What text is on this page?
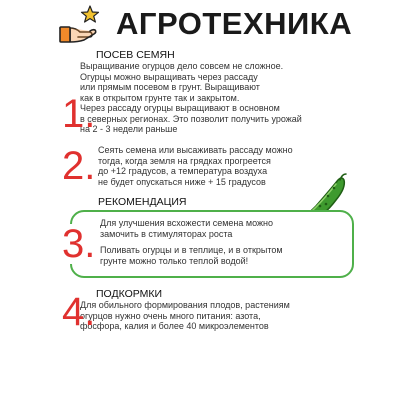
АГРОТЕХНИКА
ПОСЕВ СЕМЯН
Выращивание огурцов дело совсем не сложное.
Огурцы можно выращивать через рассаду
или прямым посевом в грунт. Выращивают
как в открытом грунте так и закрытом.
Через рассаду огурцы выращивают в основном
в северных регионах. Это позволит получить урожай
на 2 - 3 недели раньше
1.
Сеять семена или высаживать рассаду можно
тогда, когда земля на грядках прогреется
до +12 градусов, а температура воздуха
не будет опускаться ниже + 15 градусов
2.
РЕКОМЕНДАЦИЯ
Для улучшения всхожести семена можно
замочить в стимуляторах роста
Поливать огурцы и в теплице, и в открытом
грунте можно только теплой водой!
3.
ПОДКОРМКИ
Для обильного формирования плодов, растениям
огурцов нужно очень много питания: азота,
фосфора, калия и более 40 микроэлементов
4.
